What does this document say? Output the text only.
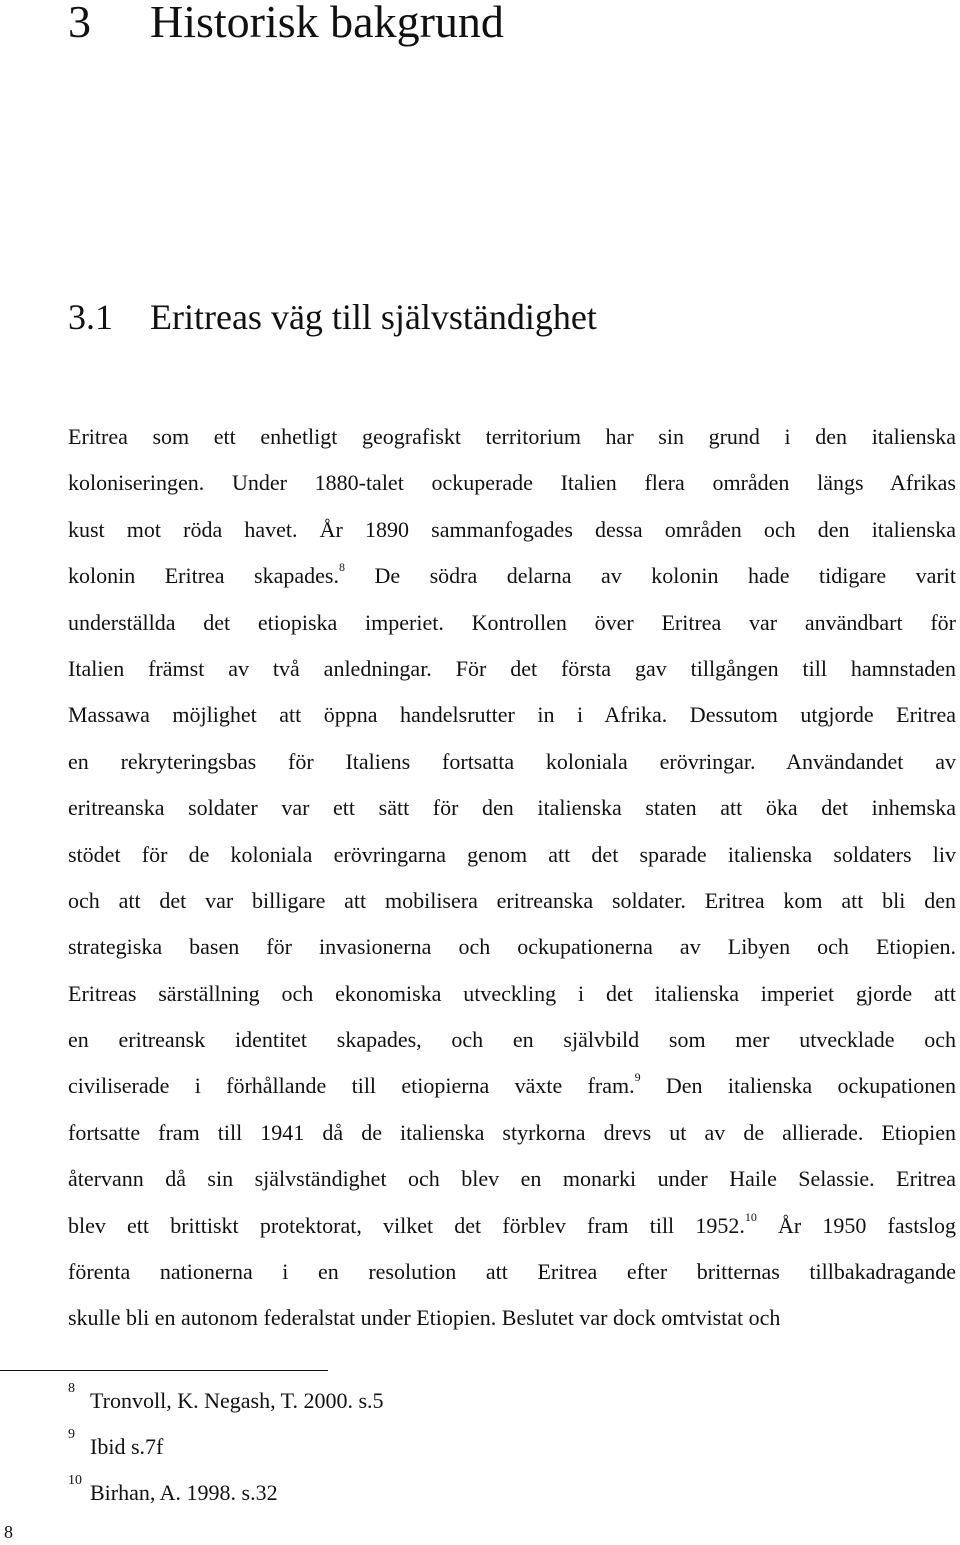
3 Historisk bakgrund
3.1 Eritreas väg till självständighet
Eritrea som ett enhetligt geografiskt territorium har sin grund i den italienska
koloniseringen. Under 1880-talet ockuperade Italien flera områden längs Afrikas
kust mot röda havet. År 1890 sammanfogades dessa områden och den italienska
kolonin Eritrea skapades.$^8$ De södra delarna av kolonin hade tidigare varit
underställda det etiopiska imperiet. Kontrollen över Eritrea var användbart för
Italien främst av två anledningar. För det första gav tillgången till hamnstaden
Massawa möjlighet att öppna handelsrutter in i Afrika. Dessutom utgjorde Eritrea
en rekryteringsbas för Italiens fortsatta koloniala erövringar. Användandet av
eritreanska soldater var ett sätt för den italienska staten att öka det inhemska
stödet för de koloniala erövringarna genom att det sparade italienska soldaters liv
och att det var billigare att mobilisera eritreanska soldater. Eritrea kom att bli den
strategiska basen för invasionerna och ockupationerna av Libyen och Etiopien.
Eritreas särställning och ekonomiska utveckling i det italienska imperiet gjorde att
en eritreansk identitet skapades, och en självbild som mer utvecklade och
civiliserade i förhållande till etiopierna växte fram.$^9$ Den italienska ockupationen
fortsatte fram till 1941 då de italienska styrkorna drevs ut av de allierade. Etiopien
återvann då sin självständighet och blev en monarki under Haile Selassie. Eritrea
blev ett brittiskt protektorat, vilket det förblev fram till 1952.10 År 1950 fastslog
förenta nationerna i en resolution att Eritrea efter britternas tillbakadragande
skulle bli en autonom federalstat under Etiopien. Beslutet var dock omtvistat och
8 Tronvoll, K. Negash, T. 2000. s.5
9 Ibid s.7f
10 Birhan, A. 1998. s.32
8
